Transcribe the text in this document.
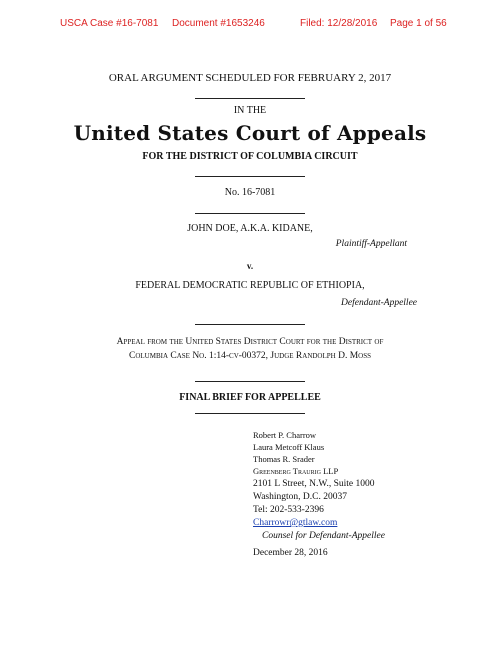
USCA Case #16-7081 Document #1653246	Filed: 12/28/2016 Page 1 of 56
ORAL ARGUMENT SCHEDULED FOR FEBRUARY 2, 2017
IN THE
United States Court of Appeals
FOR THE DISTRICT OF COLUMBIA CIRCUIT
No. 16-7081
JOHN DOE, A.K.A. KIDANE,
Plaintiff-Appellant
v.
FEDERAL DEMOCRATIC REPUBLIC OF ETHIOPIA,
Defendant-Appellee
Appeal from the United States District Court for the District of
Columbia Case No. 1:14-cv-00372, Judge Randolph D. Moss
FINAL BRIEF FOR APPELLEE
Robert P. Charrow
Laura Metcoff Klaus
Thomas R. Srader
Greenberg Traurig LLP
2101 L Street, N.W., Suite 1000
Washington, D.C. 20037
Tel: 202-533-2396
Charrowr@gtlaw.com
Counsel for Defendant-Appellee
December 28, 2016
